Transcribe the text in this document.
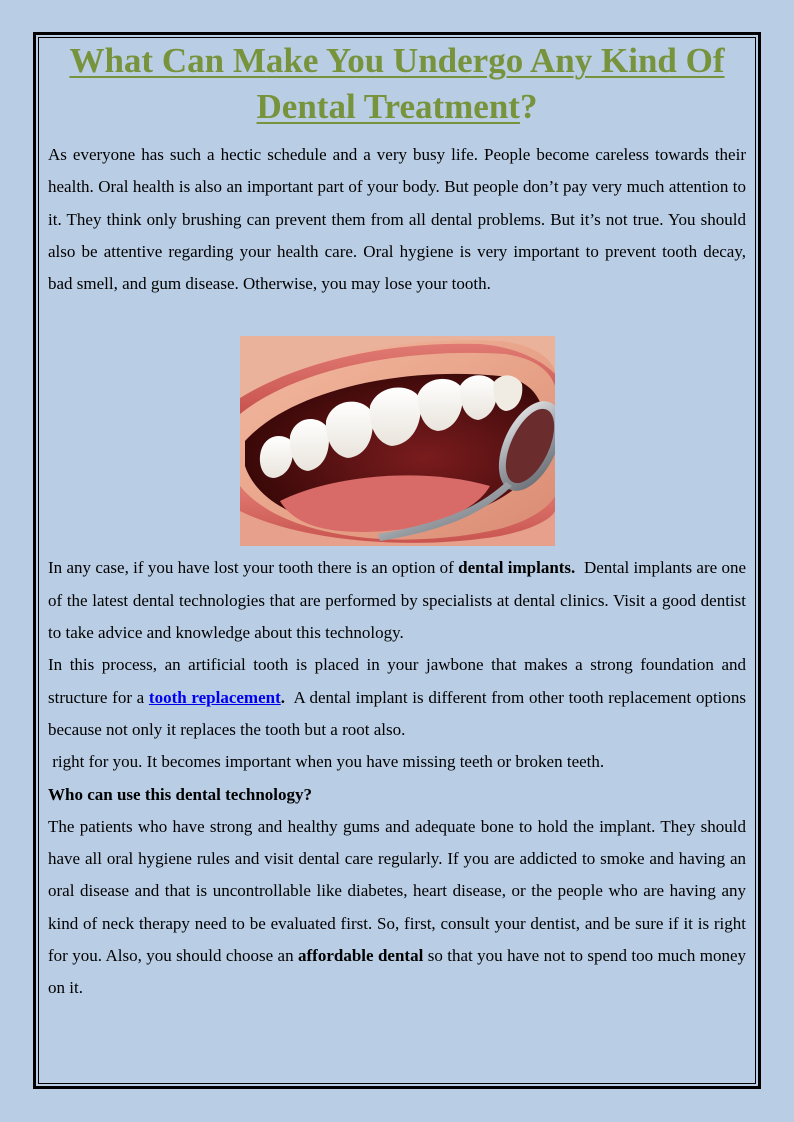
What Can Make You Undergo Any Kind Of
Dental Treatment?

As everyone has such a hectic schedule and a very busy life. People become careless towards their health. Oral health is also an important part of your body. But people don’t pay very much attention to it. They think only brushing can prevent them from all dental problems. But it’s not true. You should also be attentive regarding your health care. Oral hygiene is very important to prevent tooth decay, bad smell, and gum disease. Otherwise, you may lose your tooth.

In any case, if you have lost your tooth there is an option of dental implants. Dental implants are one of the latest dental technologies that are performed by specialists at dental clinics. Visit a good dentist to take advice and knowledge about this technology.

In this process, an artificial tooth is placed in your jawbone that makes a strong foundation and structure for a tooth replacement. A dental implant is different from other tooth replacement options because not only it replaces the tooth but a root also.

right for you. It becomes important when you have missing teeth or broken teeth.

Who can use this dental technology?

The patients who have strong and healthy gums and adequate bone to hold the implant. They should have all oral hygiene rules and visit dental care regularly. If you are addicted to smoke and having an oral disease and that is uncontrollable like diabetes, heart disease, or the people who are having any kind of neck therapy need to be evaluated first. So, first, consult your dentist, and be sure if it is right for you. Also, you should choose an affordable dental so that you have not to spend too much money on it.
